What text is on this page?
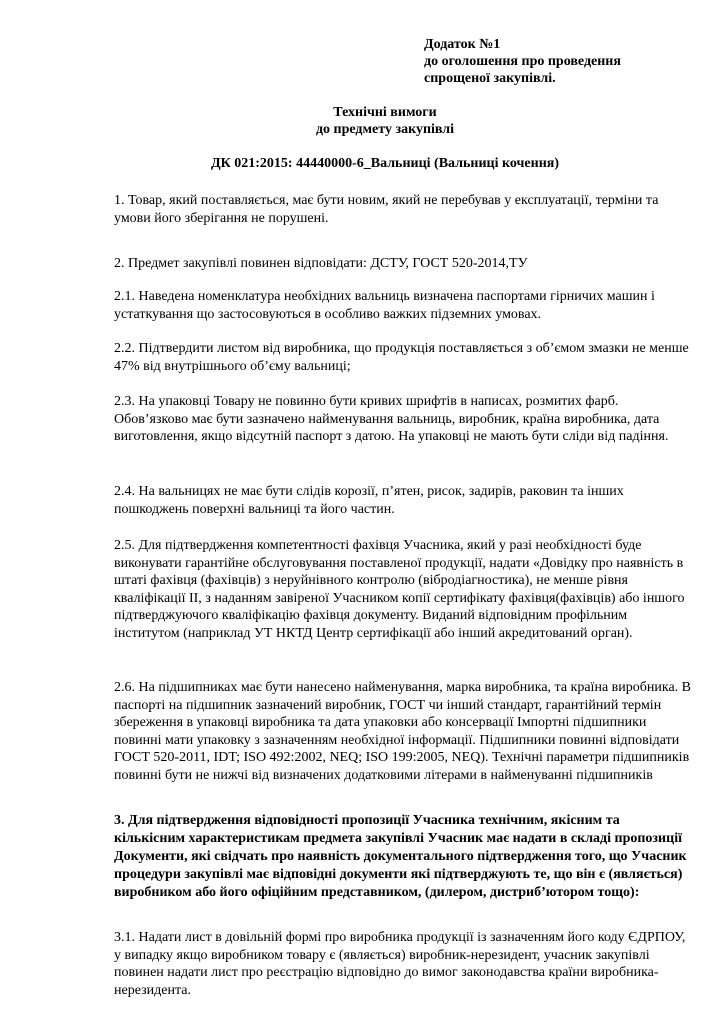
Додаток №1
до оголошення про проведення
спрощеної закупівлі.
Технічні вимоги
до предмету закупівлі
ДК 021:2015: 44440000-6_Вальниці (Вальниці кочення)
1. Товар, який поставляється, має бути новим, який не перебував у експлуатації, терміни та умови його зберігання не порушені.
2. Предмет закупівлі повинен відповідати: ДСТУ, ГОСТ 520-2014,ТУ
2.1. Наведена номенклатура необхідних вальниць визначена паспортами гірничих машин і устаткування що застосовуються в особливо важких підземних умовах.
2.2. Підтвердити листом від виробника, що продукція поставляється з об’ємом змазки не менше 47% від внутрішнього об’єму вальниці;
2.3. На упаковці Товару не повинно бути кривих шрифтів в написах, розмитих фарб. Обов’язково має бути зазначено найменування вальниць, виробник, країна виробника, дата виготовлення, якщо відсутній паспорт з датою. На упаковці не мають бути сліди від падіння.
2.4. На вальницях не має бути слідів корозії, п’ятен, рисок, задирів, раковин та інших пошкоджень поверхні вальниці та його частин.
2.5. Для підтвердження компетентності фахівця Учасника, який у разі необхідності буде виконувати гарантійне обслуговування поставленої продукції, надати «Довідку про наявність в штаті фахівця (фахівців) з неруйнівного контролю (вібродіагностика), не менше рівня кваліфікації ІІ, з наданням завіреної Учасником копії сертифікату фахівця(фахівців) або іншого підтверджуючого кваліфікацію фахівця документу. Виданий відповідним профільним інститутом (наприклад УТ НКТД Центр сертифікації або інший акредитований орган).
2.6. На підшипниках має бути нанесено найменування, марка виробника, та країна виробника. В паспорті на підшипник зазначений виробник, ГОСТ чи інший стандарт, гарантійний термін збереження в упаковці виробника та дата упаковки або консервації Імпортні підшипники повинні мати упаковку з зазначенням необхідної інформації. Підшипники повинні відповідати ГОСТ 520-2011, IDT; ISO 492:2002, NEQ; ISO 199:2005, NEQ). Технічні параметри підшипників повинні бути не нижчі від визначених додатковими літерами в найменуванні підшипників
3. Для підтвердження відповідності пропозиції Учасника технічним, якісним та кількісним характеристикам предмета закупівлі Учасник має надати в складі пропозиції Документи, які свідчать про наявність документального підтвердження того, що Учасник процедури закупівлі має відповідні документи які підтверджують те, що він є (являється) виробником або його офіційним представником, (дилером, дистриб’ютором тощо):
3.1. Надати лист в довільній формі про виробника продукції із зазначенням його коду ЄДРПОУ, у випадку якщо виробником товару є (являється) виробник-нерезидент, учасник закупівлі повинен надати лист про реєстрацію відповідно до вимог законодавства країни виробника-нерезидента.
